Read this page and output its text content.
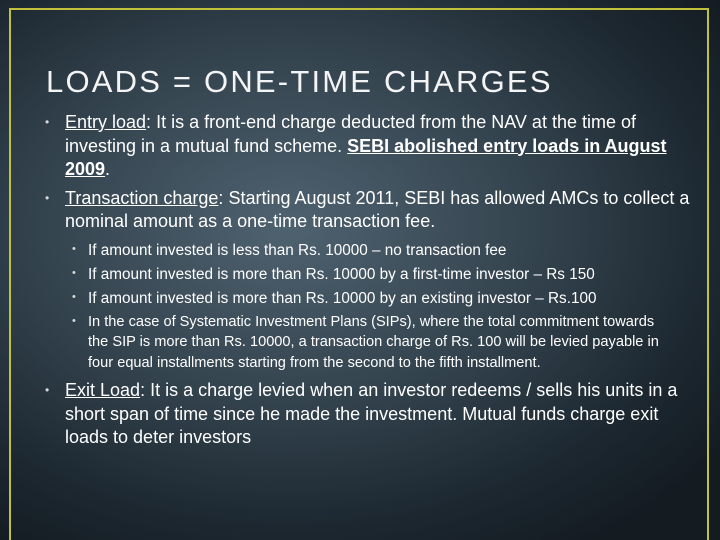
LOADS = ONE-TIME CHARGES
• Entry load: It is a front-end charge deducted from the NAV at the time of investing in a mutual fund scheme. SEBI abolished entry loads in August 2009.
• Transaction charge: Starting August 2011, SEBI has allowed AMCs to collect a nominal amount as a one-time transaction fee.
• If amount invested is less than Rs. 10000 – no transaction fee
• If amount invested is more than Rs. 10000 by a first-time investor – Rs 150
• If amount invested is more than Rs. 10000 by an existing investor – Rs.100
• In the case of Systematic Investment Plans (SIPs), where the total commitment towards the SIP is more than Rs. 10000, a transaction charge of Rs. 100 will be levied payable in four equal installments starting from the second to the fifth installment.
• Exit Load: It is a charge levied when an investor redeems / sells his units in a short span of time since he made the investment. Mutual funds charge exit loads to deter investors
